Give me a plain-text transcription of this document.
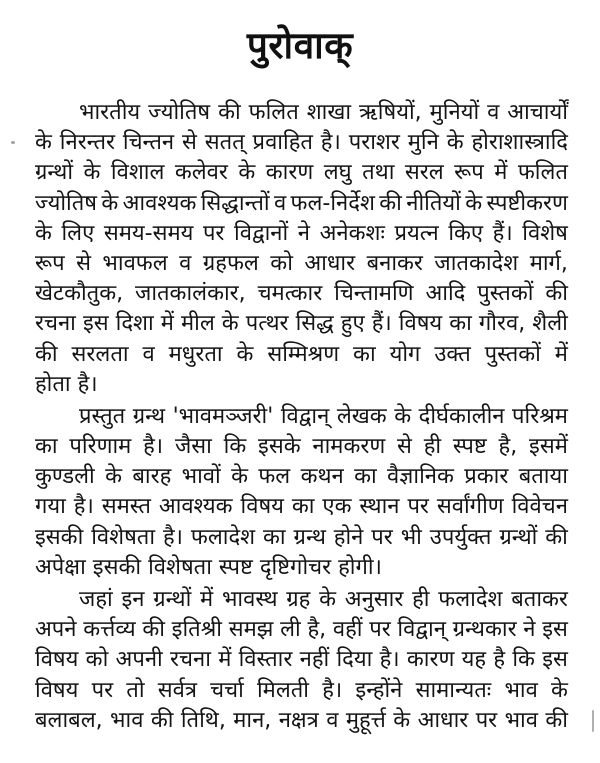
पुरोवाक्
भारतीय ज्योतिष की फलित शाखा ऋषियों, मुनियों व आचार्यों
के निरन्तर चिन्तन से सतत् प्रवाहित है। पराशर मुनि के होराशास्त्रादि
ग्रन्थों के विशाल कलेवर के कारण लघु तथा सरल रूप में फलित
ज्योतिष के आवश्यक सिद्धान्तों व फल-निर्देश की नीतियों के स्पष्टीकरण
के लिए समय-समय पर विद्वानों ने अनेकशः प्रयत्न किए हैं। विशेष
रूप से भावफल व ग्रहफल को आधार बनाकर जातकादेश मार्ग,
खेटकौतुक, जातकालंकार, चमत्कार चिन्तामणि आदि पुस्तकों की
रचना इस दिशा में मील के पत्थर सिद्ध हुए हैं। विषय का गौरव, शैली
की सरलता व मधुरता के सम्मिश्रण का योग उक्त पुस्तकों में
होता है।
प्रस्तुत ग्रन्थ 'भावमञ्जरी' विद्वान् लेखक के दीर्घकालीन परिश्रम
का परिणाम है। जैसा कि इसके नामकरण से ही स्पष्ट है, इसमें
कुण्डली के बारह भावों के फल कथन का वैज्ञानिक प्रकार बताया
गया है। समस्त आवश्यक विषय का एक स्थान पर सर्वांगीण विवेचन
इसकी विशेषता है। फलादेश का ग्रन्थ होने पर भी उपर्युक्त ग्रन्थों की
अपेक्षा इसकी विशेषता स्पष्ट दृष्टिगोचर होगी।
जहां इन ग्रन्थों में भावस्थ ग्रह के अनुसार ही फलादेश बताकर
अपने कर्त्तव्य की इतिश्री समझ ली है, वहीं पर विद्वान् ग्रन्थकार ने इस
विषय को अपनी रचना में विस्तार नहीं दिया है। कारण यह है कि इस
विषय पर तो सर्वत्र चर्चा मिलती है। इन्होंने सामान्यतः भाव के
बलाबल, भाव की तिथि, मान, नक्षत्र व मुहूर्त्त के आधार पर भाव की
